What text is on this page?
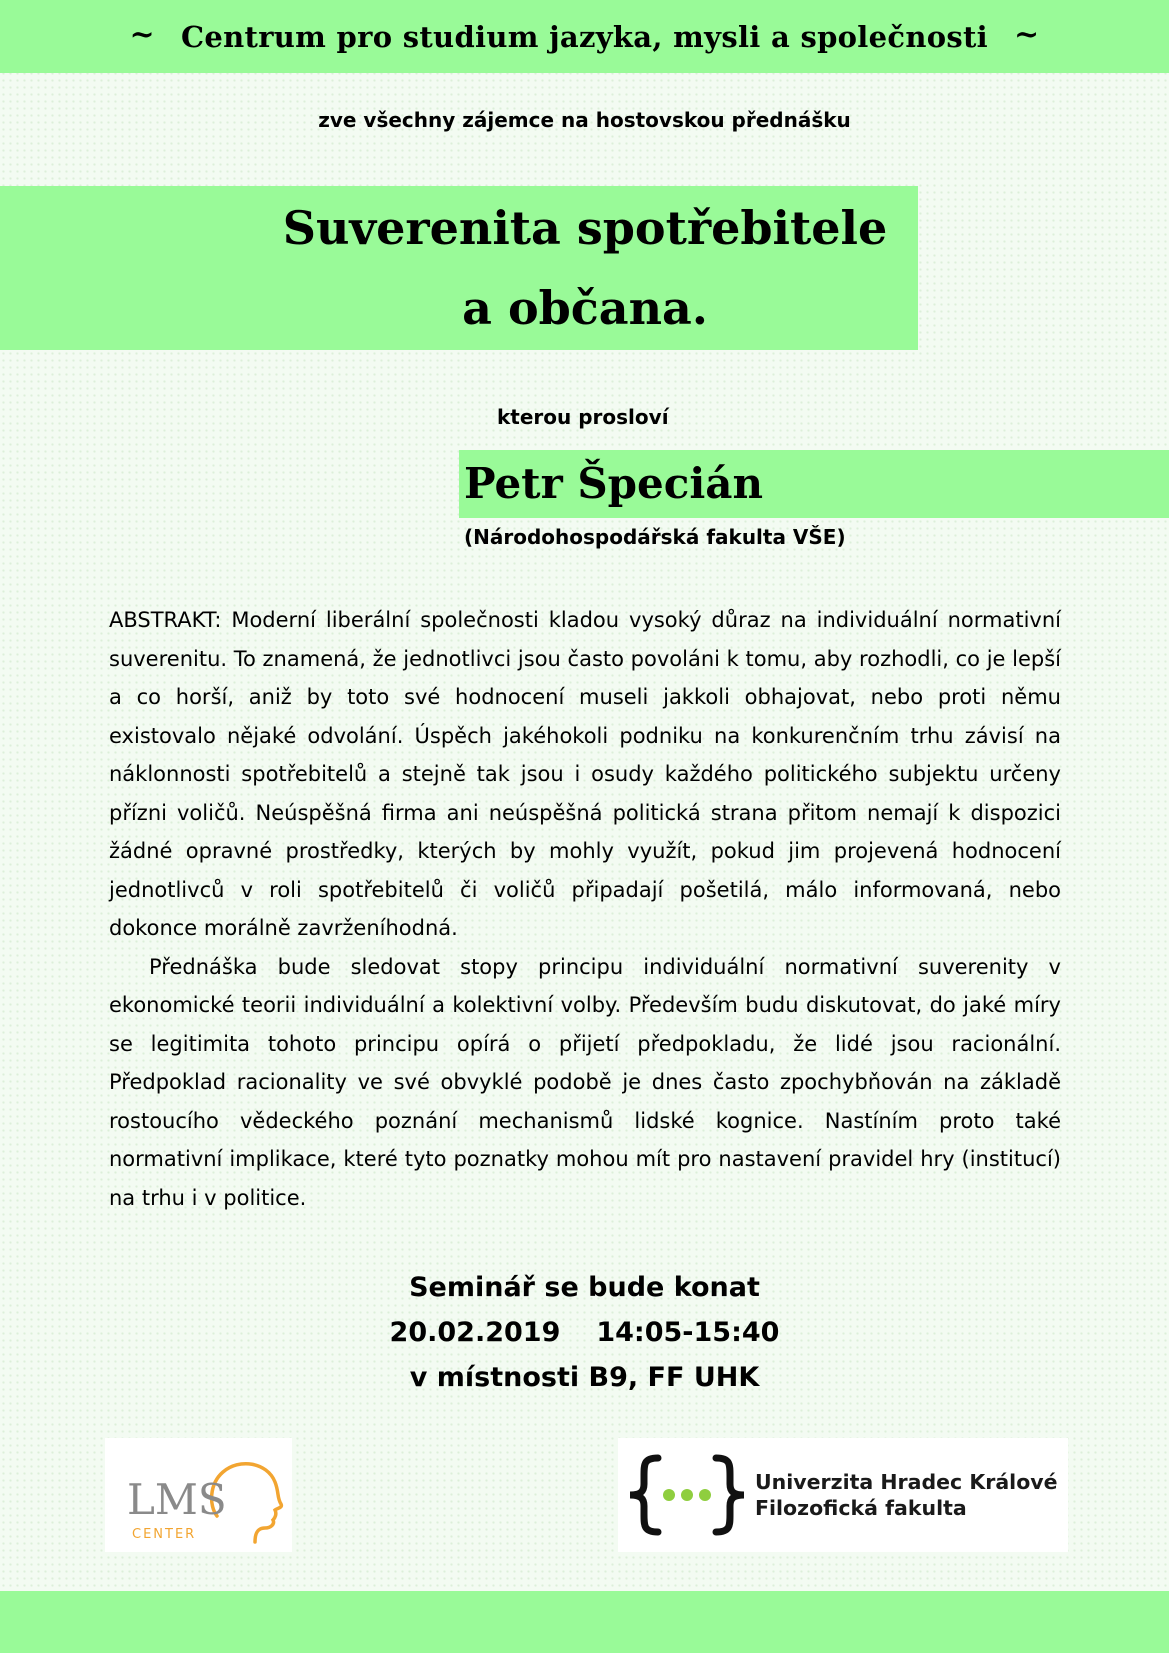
~ Centrum pro studium jazyka, mysli a společnosti ~
zve všechny zájemce na hostovskou přednášku
Suverenita spotřebitele
a občana.
kterou prosloví
Petr Špecián
(Národohospodářská fakulta VŠE)

ABSTRAKT: Moderní liberální společnosti kladou vysoký důraz na individuální normativní suverenitu. To znamená, že jednotlivci jsou často povoláni k tomu, aby rozhodli, co je lepší a co horší, aniž by toto své hodnocení museli jakkoli obhajovat, nebo proti němu existovalo nějaké odvolání. Úspěch jakéhokoli podniku na konkurenčním trhu závisí na náklonnosti spotřebitelů a stejně tak jsou i osudy každého politického subjektu určeny přízni voličů. Neúspěšná firma ani neúspěšná politická strana přitom nemají k dispozici žádné opravné prostředky, kterých by mohly využít, pokud jim projevená hodnocení jednotlivců v roli spotřebitelů či voličů připadají pošetilá, málo informovaná, nebo dokonce morálně zavrženíhodná.

Přednáška bude sledovat stopy principu individuální normativní suverenity v ekonomické teorii individuální a kolektivní volby. Především budu diskutovat, do jaké míry se legitimita tohoto principu opírá o přijetí předpokladu, že lidé jsou racionální. Předpoklad racionality ve své obvyklé podobě je dnes často zpochybňován na základě rostoucího vědeckého poznání mechanismů lidské kognice. Nastíním proto také normativní implikace, které tyto poznatky mohou mít pro nastavení pravidel hry (institucí) na trhu i v politice.

Seminář se bude konat
20.02.2019 14:05-15:40
v místnosti B9, FF UHK
LMS
CENTER
Univerzita Hradec Králové
Filozofická fakulta
